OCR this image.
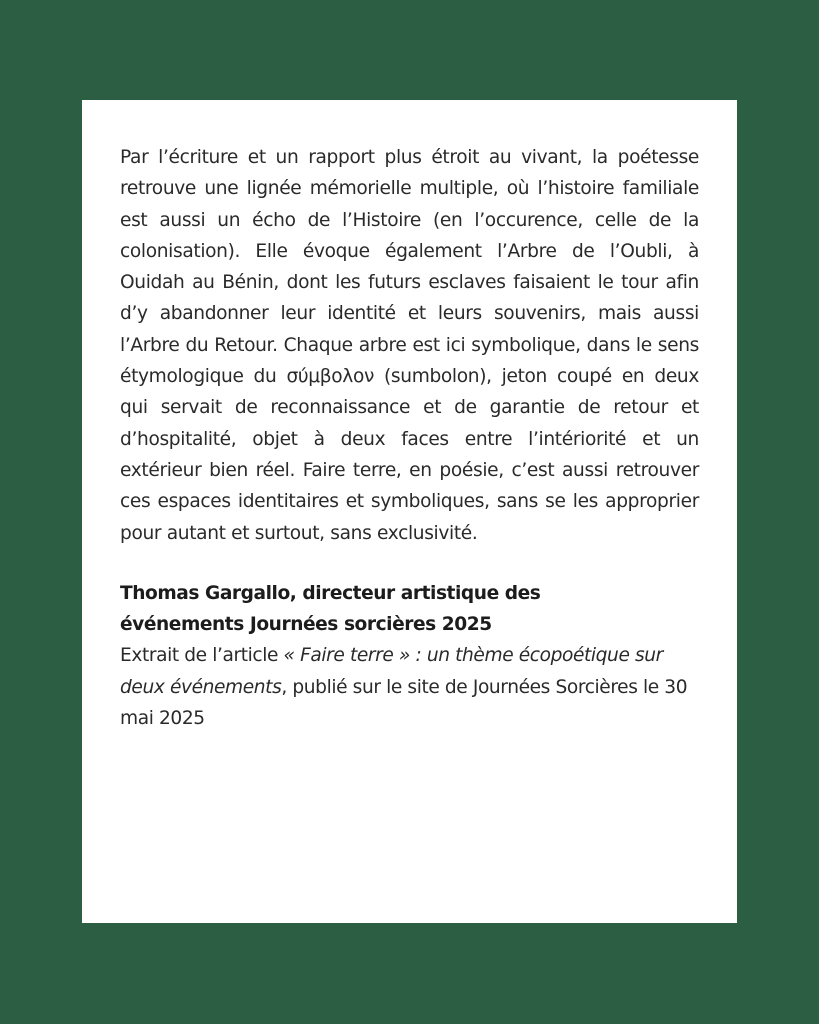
Par l’écriture et un rapport plus étroit au vivant, la poétesse retrouve une lignée mémorielle multiple, où l’histoire familiale est aussi un écho de l’Histoire (en l’occurence, celle de la colonisation). Elle évoque également l’Arbre de l’Oubli, à Ouidah au Bénin, dont les futurs esclaves faisaient le tour afin d’y abandonner leur identité et leurs souvenirs, mais aussi l’Arbre du Retour. Chaque arbre est ici symbolique, dans le sens étymologique du σύμβολον (sumbolon), jeton coupé en deux qui servait de reconnaissance et de garantie de retour et d’hospitalité, objet à deux faces entre l’intériorité et un extérieur bien réel. Faire terre, en poésie, c’est aussi retrouver ces espaces identitaires et symboliques, sans se les approprier pour autant et surtout, sans exclusivité.

Thomas Gargallo, directeur artistique des événements Journées sorcières 2025

Extrait de l’article « Faire terre » : un thème écopoétique sur deux événements, publié sur le site de Journées Sorcières le 30 mai 2025
